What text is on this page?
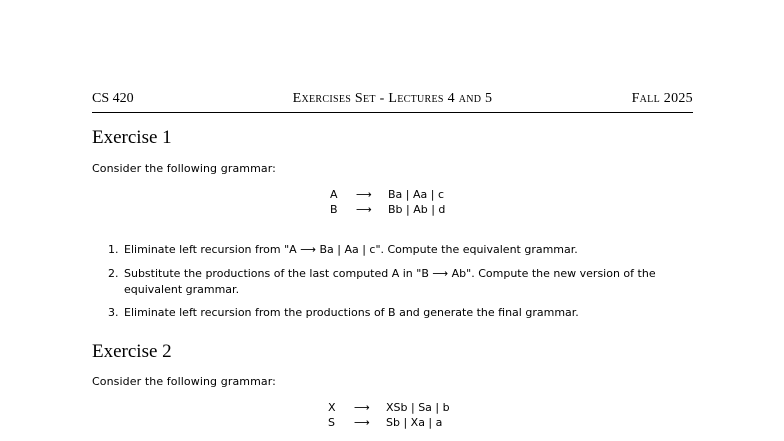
CS 420	Exercises Set - Lectures 4 and 5	Fall 2025
Exercise 1
Consider the following grammar:
A ⟶ Ba | Aa | c
B ⟶ Bb | Ab | d
1. Eliminate left recursion from "A ⟶ Ba | Aa | c". Compute the equivalent grammar.
2. Substitute the productions of the last computed A in "B ⟶ Ab". Compute the new version of the equivalent grammar.
3. Eliminate left recursion from the productions of B and generate the final grammar.
Exercise 2
Consider the following grammar:
X ⟶ XSb | Sa | b
S ⟶ Sb | Xa | a
